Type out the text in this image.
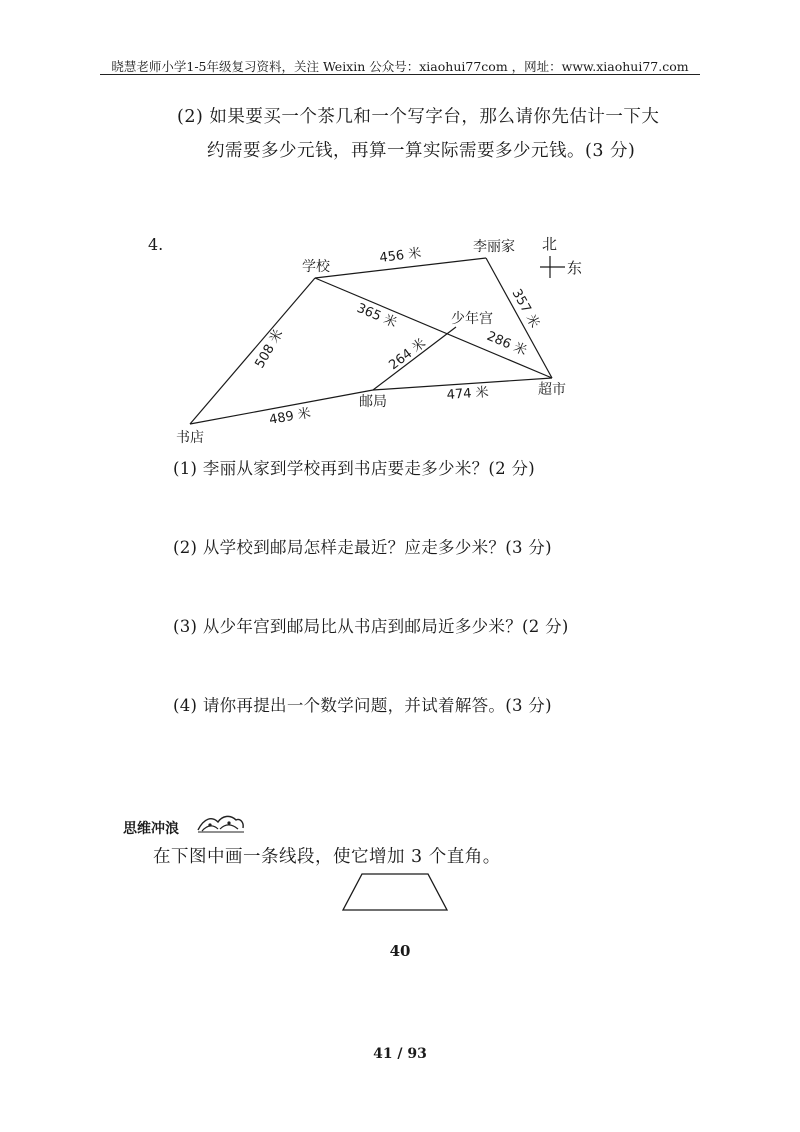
晓慧老师小学1-5年级复习资料，关注 Weixin 公众号：xiaohui77com ，网址：www.xiaohui77.com
(2) 如果要买一个茶几和一个写字台，那么请你先估计一下大
约需要多少元钱，再算一算实际需要多少元钱。(3 分)
4.	北
东
学校
李丽家
少年宫
邮局
超市
书店
456 米
357 米
365 米
286 米
264 米
508 米
489 米
474 米
(1) 李丽从家到学校再到书店要走多少米？(2 分)
(2) 从学校到邮局怎样走最近？应走多少米？(3 分)
(3) 从少年宫到邮局比从书店到邮局近多少米？(2 分)
(4) 请你再提出一个数学问题，并试着解答。(3 分)
思维冲浪
在下图中画一条线段，使它增加 3 个直角。
40
41 / 93
